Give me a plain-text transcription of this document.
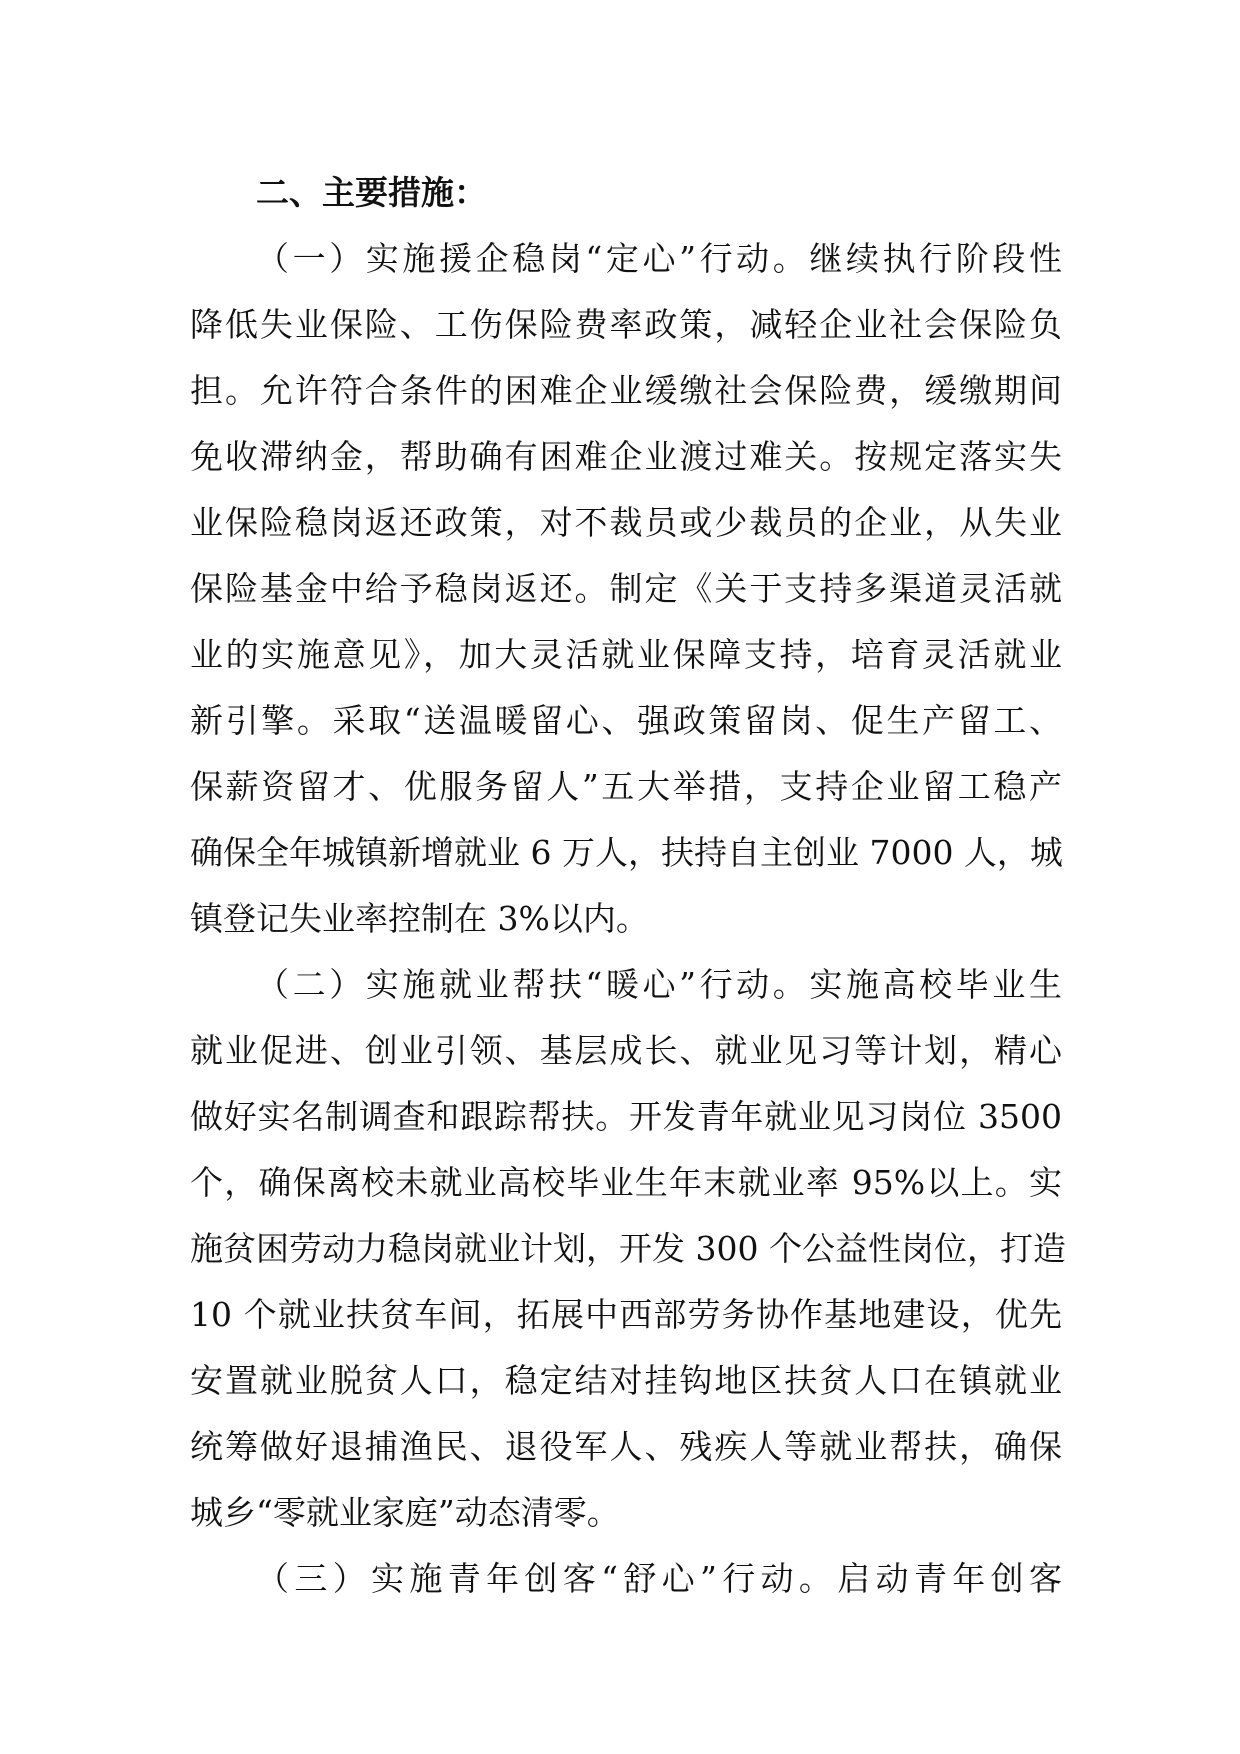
二、主要措施：
（一）实施援企稳岗“定心”行动。继续执行阶段性
降低失业保险、工伤保险费率政策，减轻企业社会保险负
担。允许符合条件的困难企业缓缴社会保险费，缓缴期间
免收滞纳金，帮助确有困难企业渡过难关。按规定落实失
业保险稳岗返还政策，对不裁员或少裁员的企业，从失业
保险基金中给予稳岗返还。制定《关于支持多渠道灵活就
业的实施意见》，加大灵活就业保障支持，培育灵活就业
新引擎。采取“送温暖留心、强政策留岗、促生产留工、
保薪资留才、优服务留人”五大举措，支持企业留工稳产
确保全年城镇新增就业 6 万人，扶持自主创业 7000 人，城
镇登记失业率控制在 3%以内。
（二）实施就业帮扶“暖心”行动。实施高校毕业生
就业促进、创业引领、基层成长、就业见习等计划，精心
做好实名制调查和跟踪帮扶。开发青年就业见习岗位 3500
个，确保离校未就业高校毕业生年末就业率 95%以上。实
施贫困劳动力稳岗就业计划，开发 300 个公益性岗位，打造
10 个就业扶贫车间，拓展中西部劳务协作基地建设，优先
安置就业脱贫人口，稳定结对挂钩地区扶贫人口在镇就业
统筹做好退捕渔民、退役军人、残疾人等就业帮扶，确保
城乡“零就业家庭”动态清零。
（三）实施青年创客“舒心”行动。启动青年创客
